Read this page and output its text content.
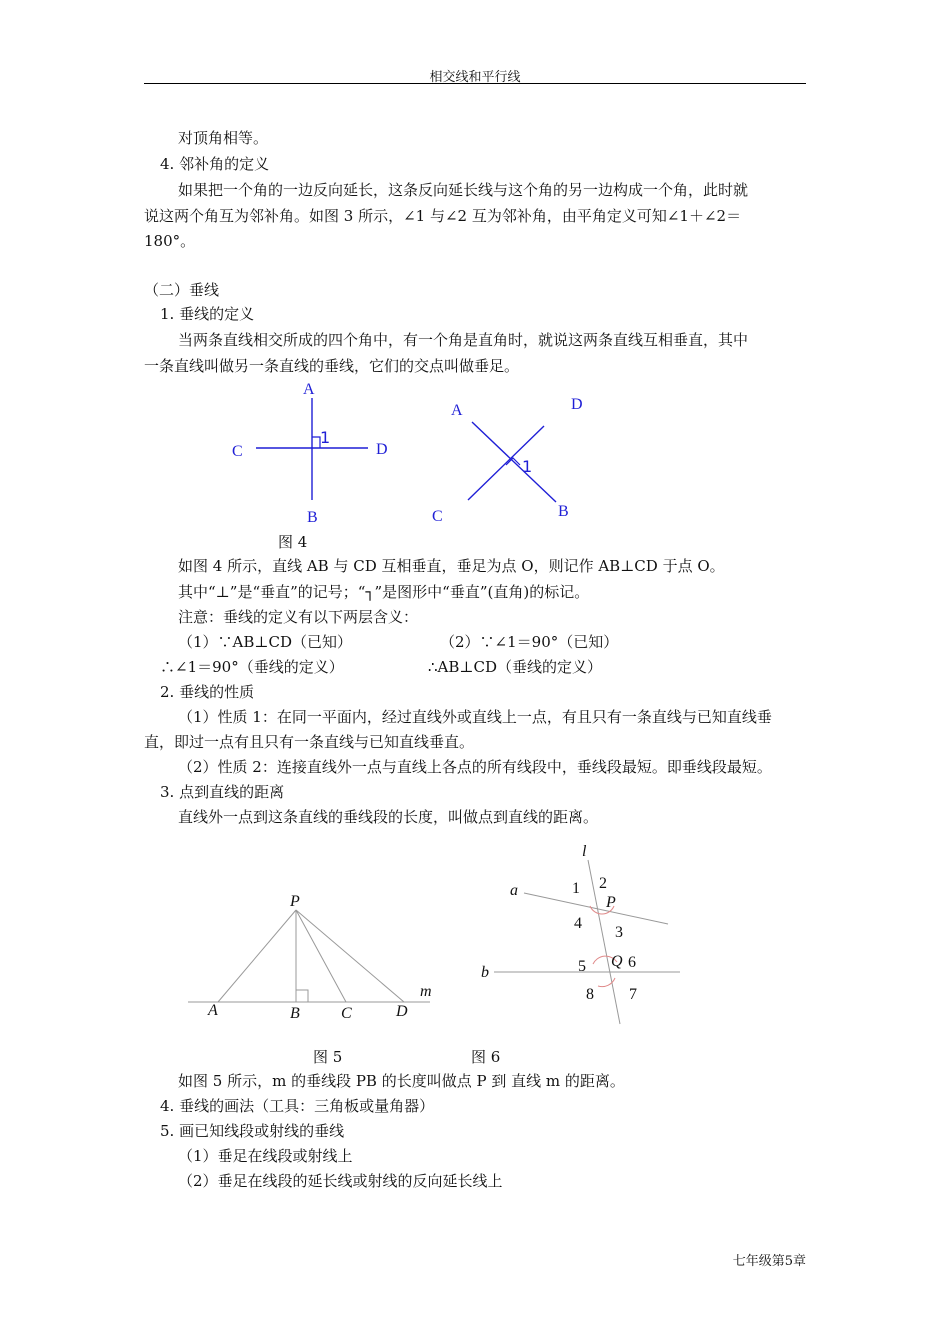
相交线和平行线
对顶角相等。
4. 邻补角的定义
如果把一个角的一边反向延长，这条反向延长线与这个角的另一边构成一个角，此时就
说这两个角互为邻补角。如图 3 所示，∠1 与∠2 互为邻补角，由平角定义可知∠1＋∠2＝
180°。
（二）垂线
1. 垂线的定义
当两条直线相交所成的四个角中，有一个角是直角时，就说这两条直线互相垂直，其中
一条直线叫做另一条直线的垂线，它们的交点叫做垂足。
A
B
C	D
1
A	D
C	B
1
图 4
如图 4 所示，直线 AB 与 CD 互相垂直，垂足为点 O，则记作 AB⊥CD 于点 O。
其中“⊥”是“垂直”的记号；“┐”是图形中“垂直”(直角)的标记。
注意：垂线的定义有以下两层含义：
（1）∵AB⊥CD（已知）	（2）∵∠1＝90°（已知）
∴∠1＝90°（垂线的定义）	∴AB⊥CD（垂线的定义）
2. 垂线的性质
（1）性质 1：在同一平面内，经过直线外或直线上一点，有且只有一条直线与已知直线垂
直，即过一点有且只有一条直线与已知直线垂直。
（2）性质 2：连接直线外一点与直线上各点的所有线段中，垂线段最短。即垂线段最短。
3. 点到直线的距离
直线外一点到这条直线的垂线段的长度，叫做点到直线的距离。
P
A	B	C	D
m
l
a
b
P
Q
1 2
3
4
5	6
7
8
图 5	图 6
如图 5 所示，m 的垂线段 PB 的长度叫做点 P 到 直线 m 的距离。
4. 垂线的画法（工具：三角板或量角器）
5. 画已知线段或射线的垂线
（1）垂足在线段或射线上
（2）垂足在线段的延长线或射线的反向延长线上
七年级第5章
